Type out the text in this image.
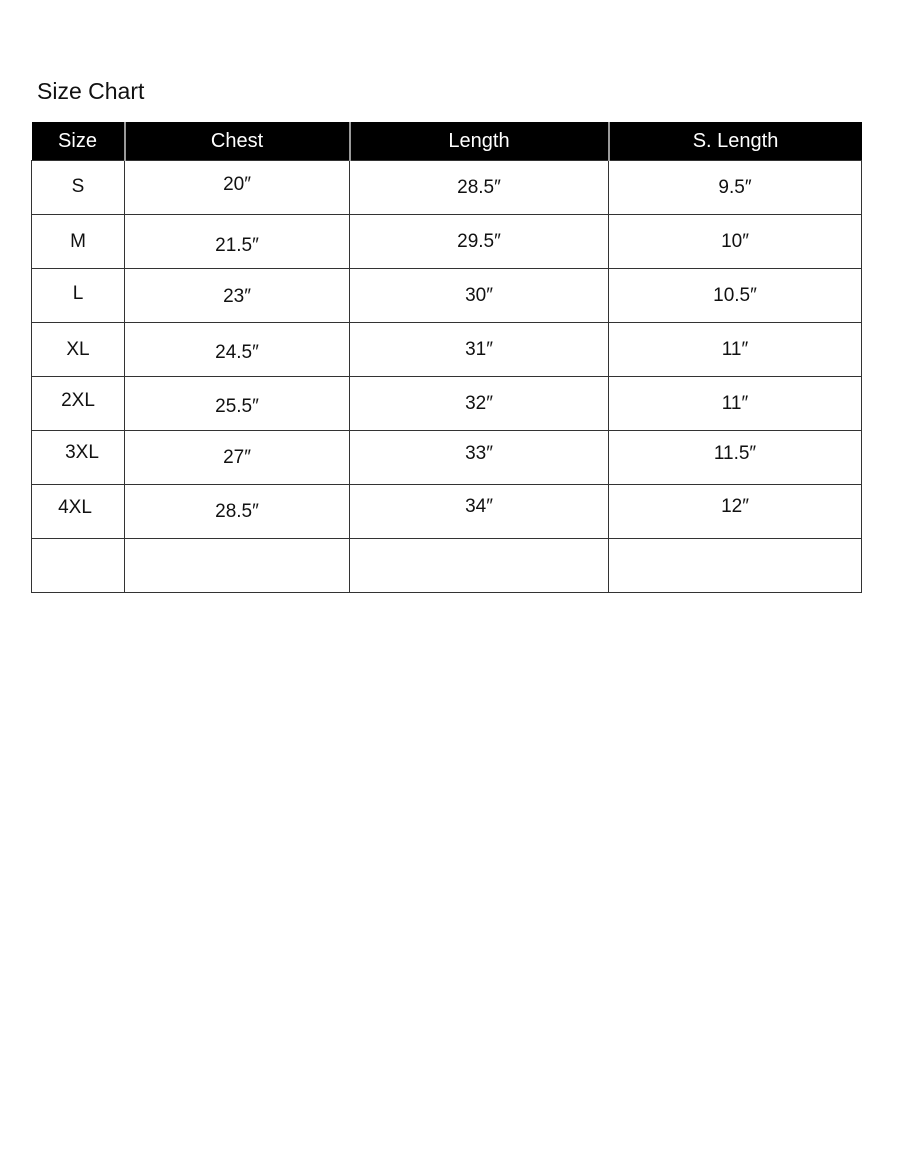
Size Chart
Size	Chest	Length	S. Length
S	20″	28.5″	9.5″
M	21.5″	29.5″	10″
L	23″	30″	10.5″
XL	24.5″	31″	11″
2XL	25.5″	32″	11″
3XL	27″	33″	11.5″
4XL	28.5″	34″	12″
